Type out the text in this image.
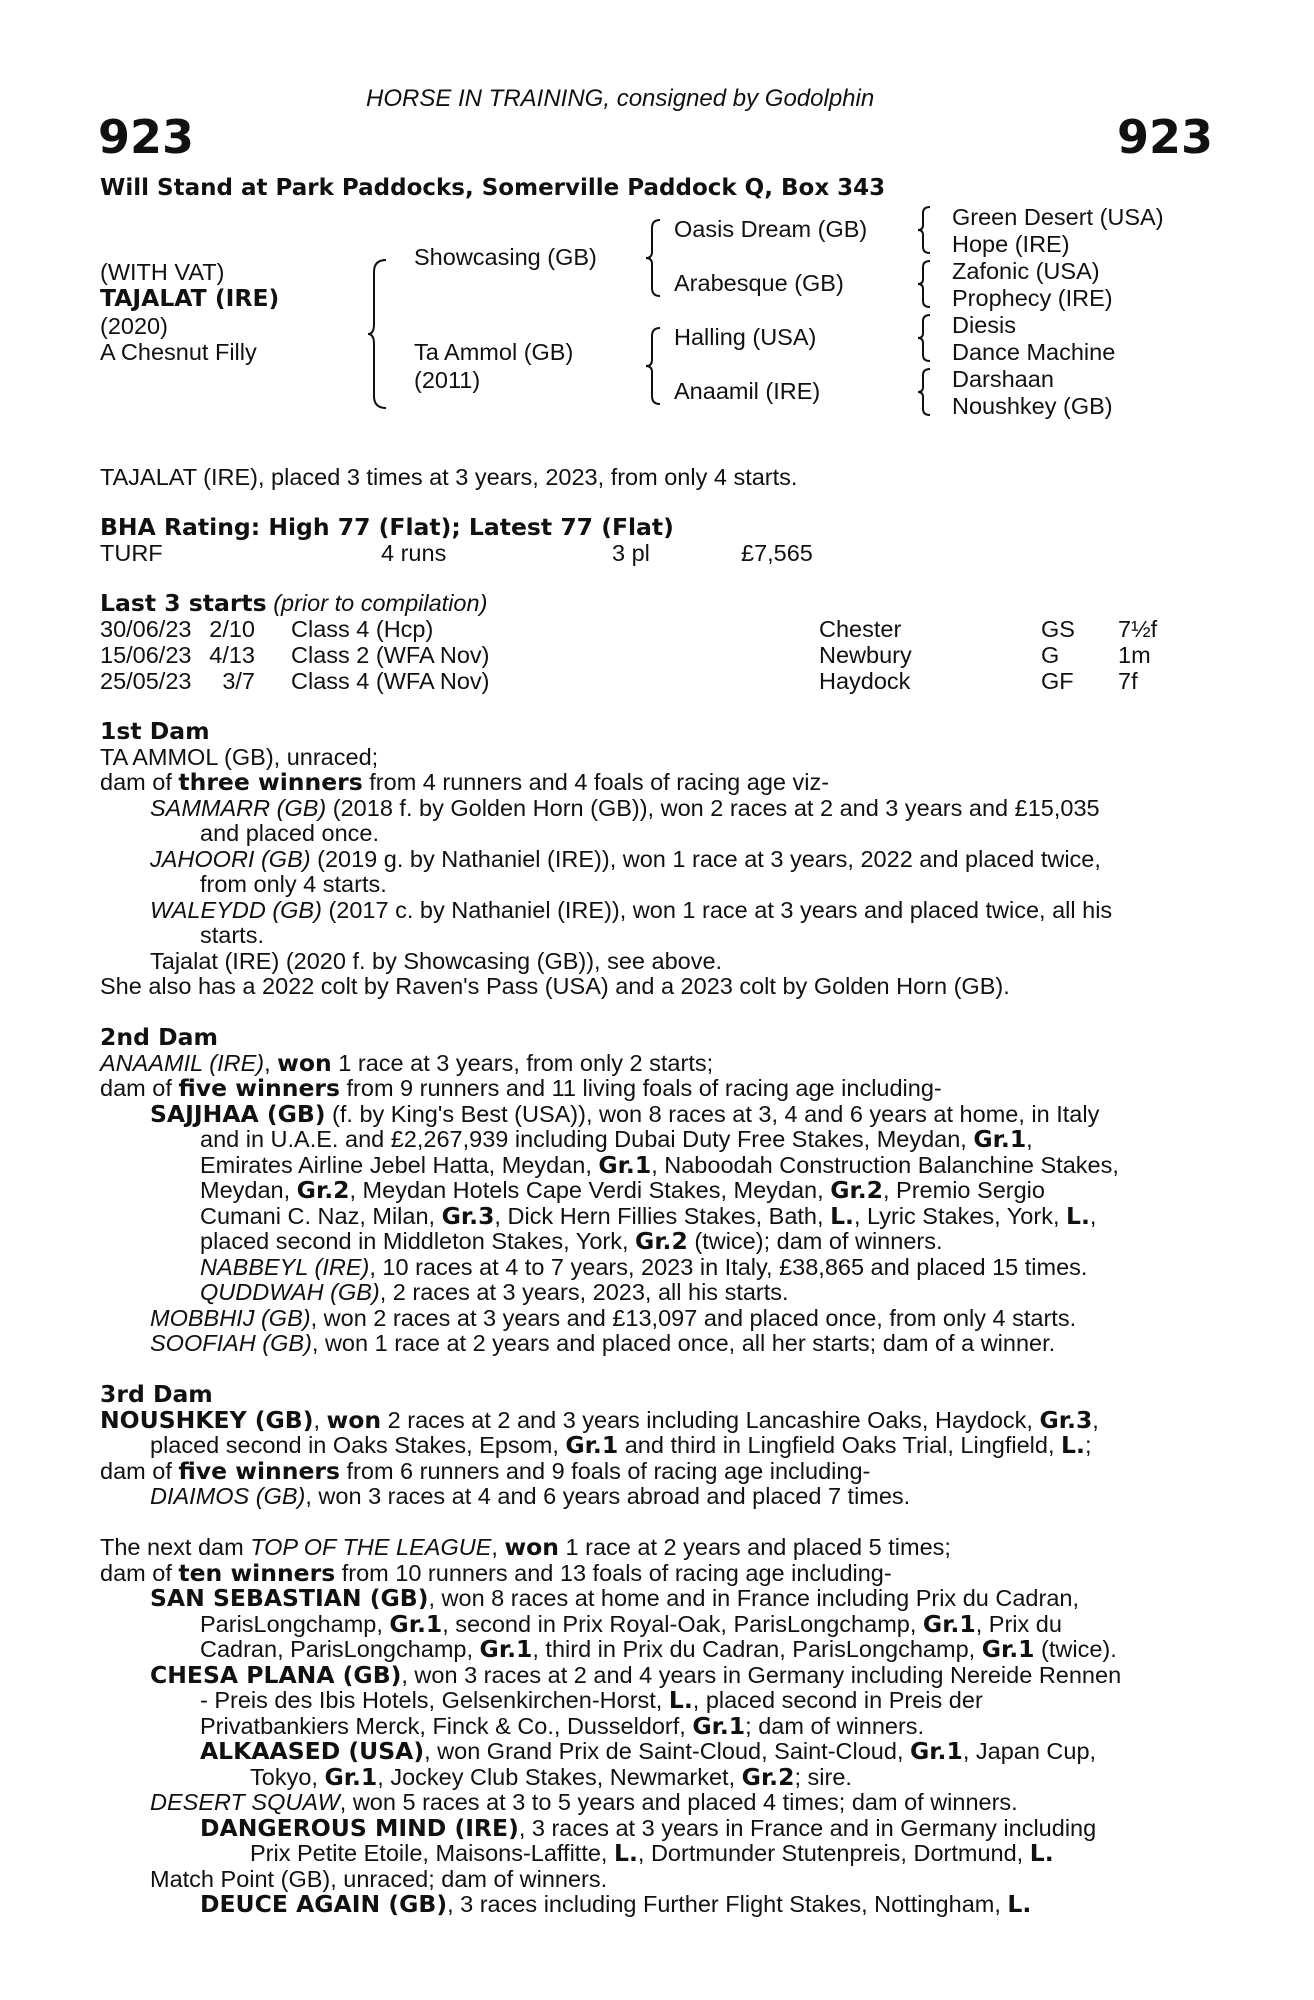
HORSE IN TRAINING, consigned by Godolphin
923	923
Will Stand at Park Paddocks, Somerville Paddock Q, Box 343
(WITH VAT)
TAJALAT (IRE)
(2020)
A Chesnut Filly
Showcasing (GB)
Ta Ammol (GB)
(2011)
Oasis Dream (GB)
Arabesque (GB)
Halling (USA)
Anaamil (IRE)
Green Desert (USA)
Hope (IRE)
Zafonic (USA)
Prophecy (IRE)
Diesis
Dance Machine
Darshaan
Noushkey (GB)
TAJALAT (IRE), placed 3 times at 3 years, 2023, from only 4 starts.
BHA Rating: High 77 (Flat); Latest 77 (Flat)
TURF	4 runs	3 pl	£7,565
Last 3 starts (prior to compilation)
30/06/23 2/10 Class 4 (Hcp)	Chester	GS 7½f
15/06/23 4/13 Class 2 (WFA Nov)	Newbury	G 1m
25/05/23 3/7 Class 4 (WFA Nov)	Haydock	GF 7f
1st Dam
TA AMMOL (GB), unraced;
dam of three winners from 4 runners and 4 foals of racing age viz-
SAMMARR (GB) (2018 f. by Golden Horn (GB)), won 2 races at 2 and 3 years and £15,035
and placed once.
JAHOORI (GB) (2019 g. by Nathaniel (IRE)), won 1 race at 3 years, 2022 and placed twice,
from only 4 starts.
WALEYDD (GB) (2017 c. by Nathaniel (IRE)), won 1 race at 3 years and placed twice, all his
starts.
Tajalat (IRE) (2020 f. by Showcasing (GB)), see above.
She also has a 2022 colt by Raven's Pass (USA) and a 2023 colt by Golden Horn (GB).
2nd Dam
ANAAMIL (IRE), won 1 race at 3 years, from only 2 starts;
dam of five winners from 9 runners and 11 living foals of racing age including-
SAJJHAA (GB) (f. by King's Best (USA)), won 8 races at 3, 4 and 6 years at home, in Italy
and in U.A.E. and £2,267,939 including Dubai Duty Free Stakes, Meydan, Gr.1,
Emirates Airline Jebel Hatta, Meydan, Gr.1, Naboodah Construction Balanchine Stakes,
Meydan, Gr.2, Meydan Hotels Cape Verdi Stakes, Meydan, Gr.2, Premio Sergio
Cumani C. Naz, Milan, Gr.3, Dick Hern Fillies Stakes, Bath, L., Lyric Stakes, York, L.,
placed second in Middleton Stakes, York, Gr.2 (twice); dam of winners.
NABBEYL (IRE), 10 races at 4 to 7 years, 2023 in Italy, £38,865 and placed 15 times.
QUDDWAH (GB), 2 races at 3 years, 2023, all his starts.
MOBBHIJ (GB), won 2 races at 3 years and £13,097 and placed once, from only 4 starts.
SOOFIAH (GB), won 1 race at 2 years and placed once, all her starts; dam of a winner.
3rd Dam
NOUSHKEY (GB), won 2 races at 2 and 3 years including Lancashire Oaks, Haydock, Gr.3,
placed second in Oaks Stakes, Epsom, Gr.1 and third in Lingfield Oaks Trial, Lingfield, L.;
dam of five winners from 6 runners and 9 foals of racing age including-
DIAIMOS (GB), won 3 races at 4 and 6 years abroad and placed 7 times.
The next dam TOP OF THE LEAGUE, won 1 race at 2 years and placed 5 times;
dam of ten winners from 10 runners and 13 foals of racing age including-
SAN SEBASTIAN (GB), won 8 races at home and in France including Prix du Cadran,
ParisLongchamp, Gr.1, second in Prix Royal-Oak, ParisLongchamp, Gr.1, Prix du
Cadran, ParisLongchamp, Gr.1, third in Prix du Cadran, ParisLongchamp, Gr.1 (twice).
CHESA PLANA (GB), won 3 races at 2 and 4 years in Germany including Nereide Rennen
- Preis des Ibis Hotels, Gelsenkirchen-Horst, L., placed second in Preis der
Privatbankiers Merck, Finck & Co., Dusseldorf, Gr.1; dam of winners.
ALKAASED (USA), won Grand Prix de Saint-Cloud, Saint-Cloud, Gr.1, Japan Cup,
Tokyo, Gr.1, Jockey Club Stakes, Newmarket, Gr.2; sire.
DESERT SQUAW, won 5 races at 3 to 5 years and placed 4 times; dam of winners.
DANGEROUS MIND (IRE), 3 races at 3 years in France and in Germany including
Prix Petite Etoile, Maisons-Laffitte, L., Dortmunder Stutenpreis, Dortmund, L.
Match Point (GB), unraced; dam of winners.
DEUCE AGAIN (GB), 3 races including Further Flight Stakes, Nottingham, L.
